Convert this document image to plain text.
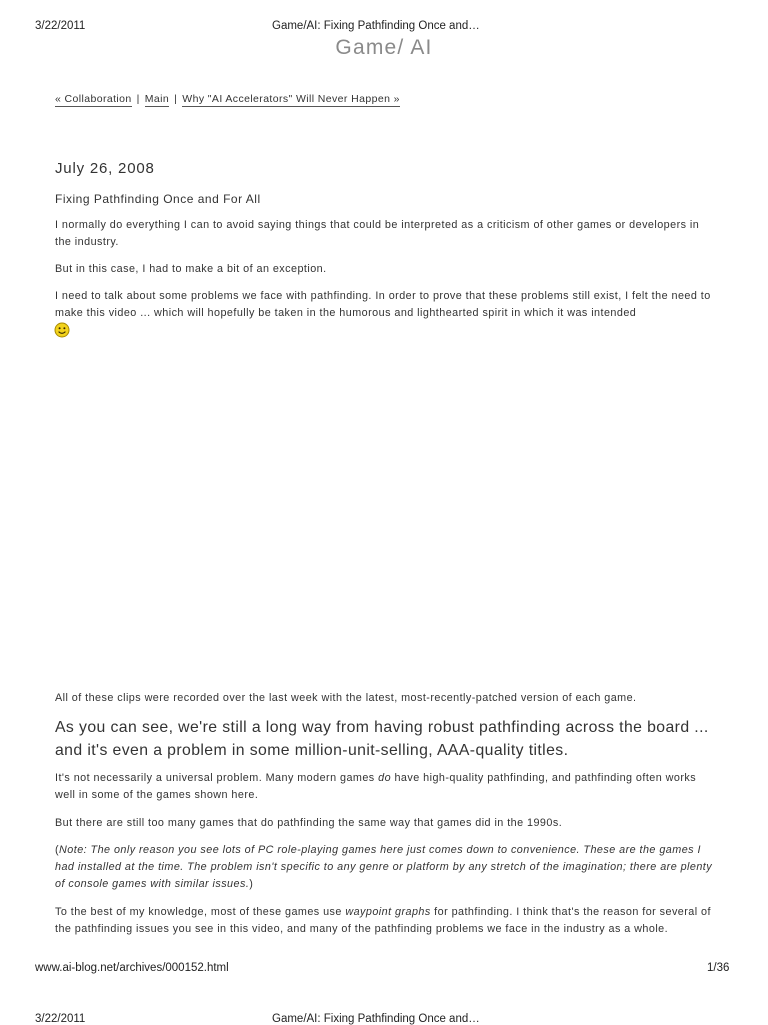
3/22/2011	Game/AI: Fixing Pathfinding Once and…
Game/ AI
« Collaboration | Main | Why "AI Accelerators" Will Never Happen »
July 26, 2008
Fixing Pathfinding Once and For All

I normally do everything I can to avoid saying things that could be interpreted as a criticism of other games or developers in the industry.

But in this case, I had to make a bit of an exception.

I need to talk about some problems we face with pathfinding. In order to prove that these problems still exist, I felt the need to make this video ... which will hopefully be taken in the humorous and lighthearted spirit in which it was intended

All of these clips were recorded over the last week with the latest, most-recently-patched version of each game.

As you can see, we're still a long way from having robust pathfinding across the board ... and it's even a problem in some million-unit-selling, AAA-quality titles.

It's not necessarily a universal problem. Many modern games do have high-quality pathfinding, and pathfinding often works well in some of the games shown here.

But there are still too many games that do pathfinding the same way that games did in the 1990s.

(Note: The only reason you see lots of PC role-playing games here just comes down to convenience. These are the games I had installed at the time. The problem isn't specific to any genre or platform by any stretch of the imagination; there are plenty of console games with similar issues.)

To the best of my knowledge, most of these games use waypoint graphs for pathfinding. I think that's the reason for several of the pathfinding issues you see in this video, and many of the pathfinding problems we face in the industry as a whole.

www.ai-blog.net/archives/000152.html	1/36
3/22/2011	Game/AI: Fixing Pathfinding Once and…
